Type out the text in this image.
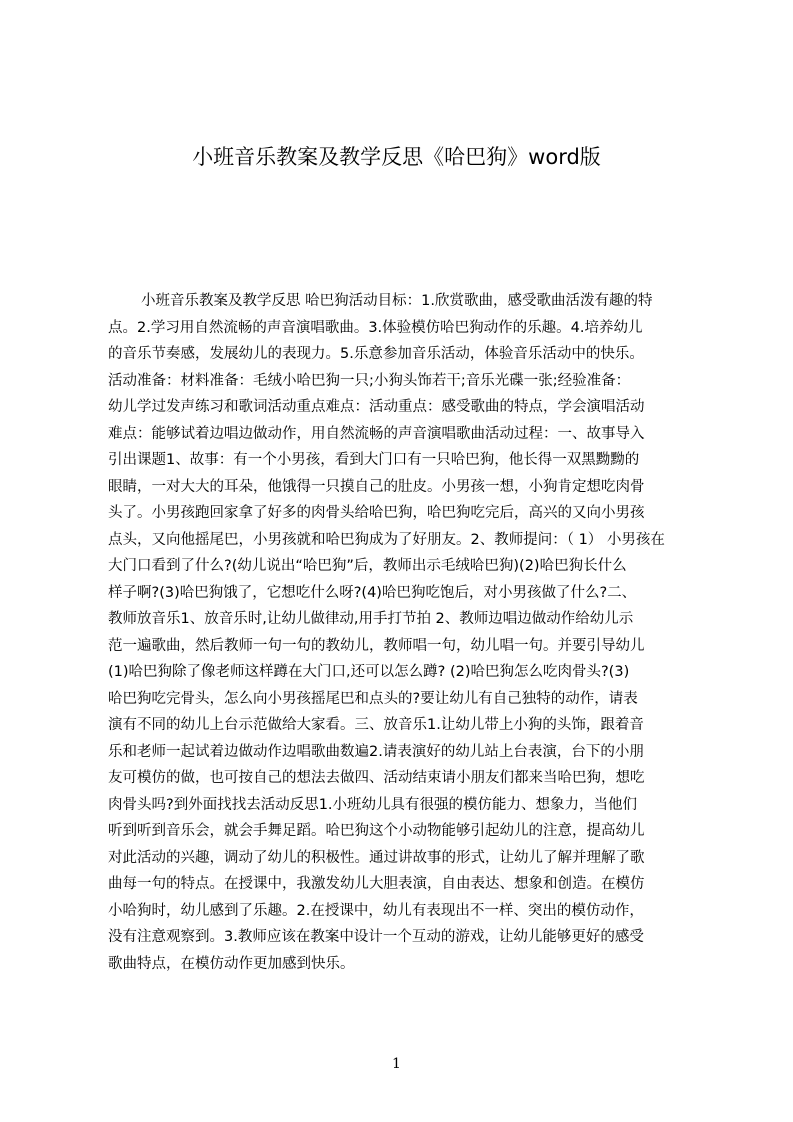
小班音乐教案及教学反思《哈巴狗》word版
小班音乐教案及教学反思 哈巴狗活动目标：1.欣赏歌曲，感受歌曲活泼有趣的特
点。2.学习用自然流畅的声音演唱歌曲。3.体验模仿哈巴狗动作的乐趣。4.培养幼儿
的音乐节奏感，发展幼儿的表现力。5.乐意参加音乐活动，体验音乐活动中的快乐。
活动准备：材料准备：毛绒小哈巴狗一只;小狗头饰若干;音乐光碟一张;经验准备：
幼儿学过发声练习和歌词活动重点难点：活动重点：感受歌曲的特点，学会演唱活动
难点：能够试着边唱边做动作，用自然流畅的声音演唱歌曲活动过程：一、故事导入
引出课题1、故事：有一个小男孩，看到大门口有一只哈巴狗，他长得一双黑黝黝的
眼睛，一对大大的耳朵，他饿得一只摸自己的肚皮。小男孩一想，小狗肯定想吃肉骨
头了。小男孩跑回家拿了好多的肉骨头给哈巴狗，哈巴狗吃完后，高兴的又向小男孩
点头，又向他摇尾巴，小男孩就和哈巴狗成为了好朋友。2、教师提问：（ 1） 小男孩在
大门口看到了什么?(幼儿说出“哈巴狗”后，教师出示毛绒哈巴狗)(2)哈巴狗长什么
样子啊?(3)哈巴狗饿了，它想吃什么呀?(4)哈巴狗吃饱后，对小男孩做了什么?二、
教师放音乐1、放音乐时,让幼儿做律动,用手打节拍 2、教师边唱边做动作给幼儿示
范一遍歌曲，然后教师一句一句的教幼儿，教师唱一句，幼儿唱一句。并要引导幼儿
(1)哈巴狗除了像老师这样蹲在大门口,还可以怎么蹲? (2)哈巴狗怎么吃肉骨头?(3)
哈巴狗吃完骨头，怎么向小男孩摇尾巴和点头的?要让幼儿有自己独特的动作，请表
演有不同的幼儿上台示范做给大家看。三、放音乐1.让幼儿带上小狗的头饰，跟着音
乐和老师一起试着边做动作边唱歌曲数遍2.请表演好的幼儿站上台表演，台下的小朋
友可模仿的做，也可按自己的想法去做四、活动结束请小朋友们都来当哈巴狗，想吃
肉骨头吗?到外面找找去活动反思1.小班幼儿具有很强的模仿能力、想象力，当他们
听到听到音乐会，就会手舞足蹈。哈巴狗这个小动物能够引起幼儿的注意，提高幼儿
对此活动的兴趣，调动了幼儿的积极性。通过讲故事的形式，让幼儿了解并理解了歌
曲每一句的特点。在授课中，我激发幼儿大胆表演，自由表达、想象和创造。在模仿
小哈狗时，幼儿感到了乐趣。2.在授课中，幼儿有表现出不一样、突出的模仿动作，
没有注意观察到。3.教师应该在教案中设计一个互动的游戏，让幼儿能够更好的感受
歌曲特点，在模仿动作更加感到快乐。
1
